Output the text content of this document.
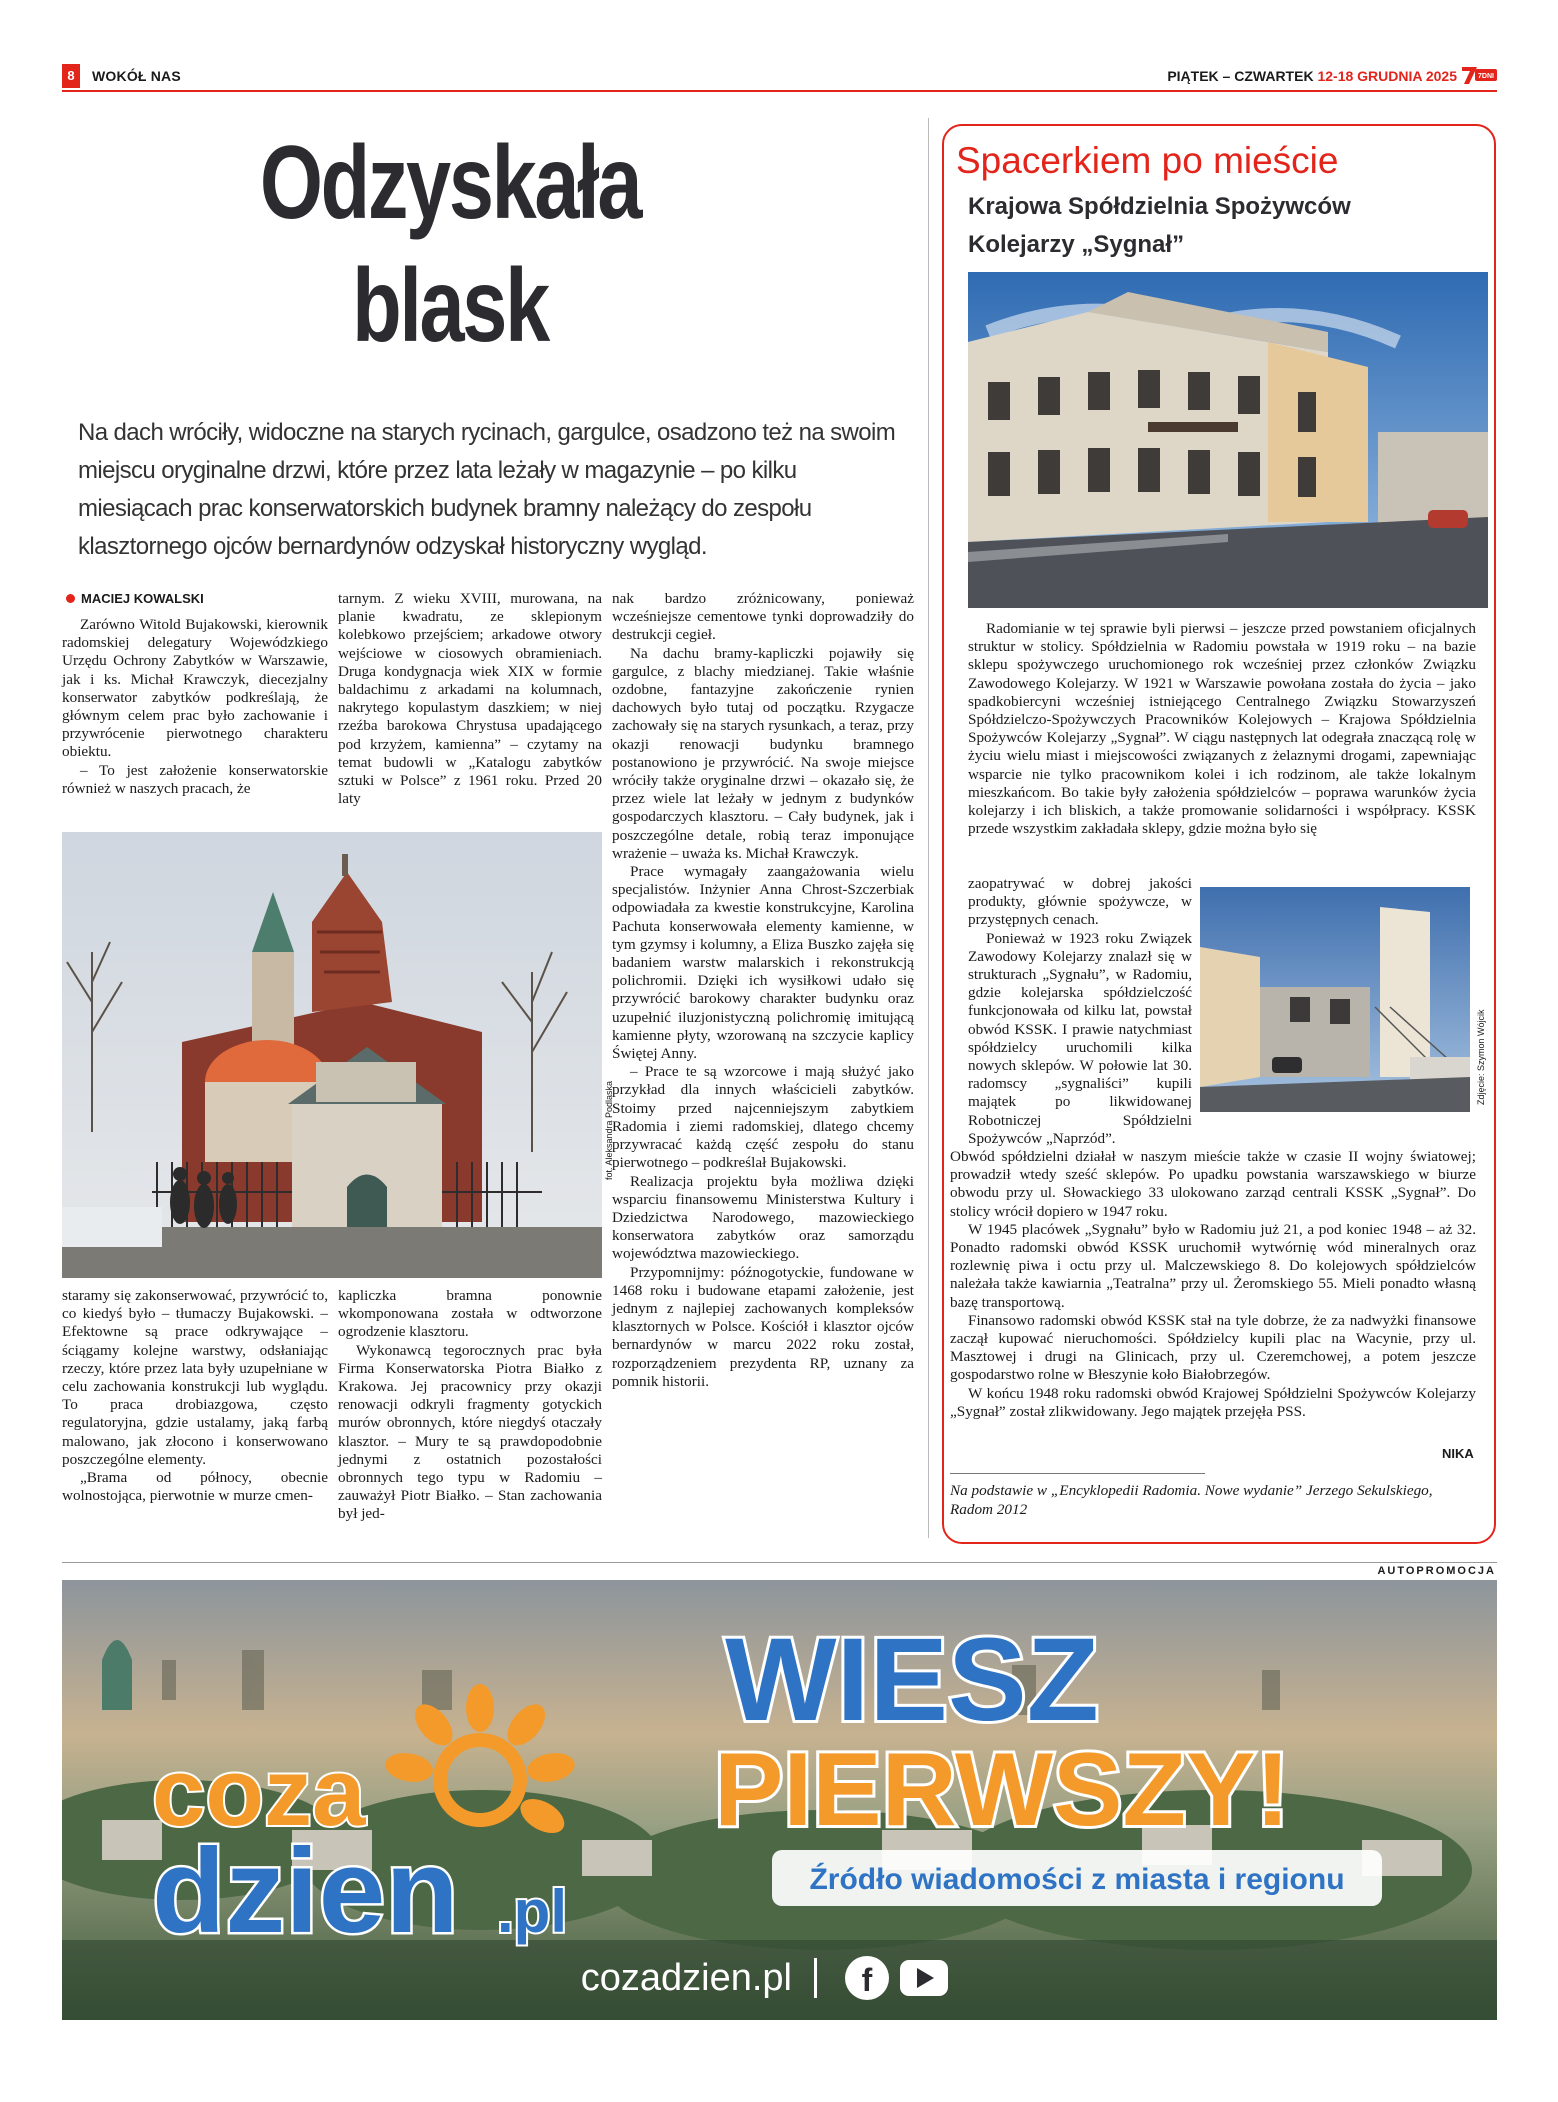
8	WOKÓŁ NAS	PIĄTEK – CZWARTEK 12-18 GRUDNIA 2025	7DNI
Odzyskała
blask
Na dach wróciły, widoczne na starych rycinach, gargulce, osadzono też na swoim miejscu oryginalne drzwi, które przez lata leżały w magazynie – po kilku miesiącach prac konserwatorskich budynek bramny należący do zespołu klasztornego ojców bernardynów odzyskał historyczny wygląd.
MACIEJ KOWALSKI

Zarówno Witold Bujakowski, kierownik radomskiej delegatury Wojewódzkiego Urzędu Ochrony Zabytków w Warszawie, jak i ks. Michał Krawczyk, diecezjalny konserwator zabytków podkreślają, że głównym celem prac było zachowanie i przywrócenie pierwotnego charakteru obiektu.

– To jest założenie konserwatorskie również w naszych pracach, że

tarnym. Z wieku XVIII, murowana, na planie kwadratu, ze sklepionym kolebkowo przejściem; arkadowe otwory wejściowe w ciosowych obramieniach. Druga kondygnacja wiek XIX w formie baldachimu z arkadami na kolumnach, nakrytego kopulastym daszkiem; w niej rzeźba barokowa Chrystusa upadającego pod krzyżem, kamienna” – czytamy na temat budowli w „Katalogu zabytków sztuki w Polsce” z 1961 roku. Przed 20 laty

nak bardzo zróżnicowany, ponieważ wcześniejsze cementowe tynki doprowadziły do destrukcji cegieł.

Na dachu bramy-kapliczki pojawiły się gargulce, z blachy miedzianej. Takie właśnie ozdobne, fantazyjne zakończenie rynien dachowych było tutaj od początku. Rzygacze zachowały się na starych rysunkach, a teraz, przy okazji renowacji budynku bramnego postanowiono je przywrócić. Na swoje miejsce wróciły także oryginalne drzwi – okazało się, że przez wiele lat leżały w jednym z budynków gospodarczych klasztoru. – Cały budynek, jak i poszczególne detale, robią teraz imponujące wrażenie – uważa ks. Michał Krawczyk.

Prace wymagały zaangażowania wielu specjalistów. Inżynier Anna Chrost-Szczerbiak odpowiadała za kwestie konstrukcyjne, Karolina Pachuta konserwowała elementy kamienne, w tym gzymsy i kolumny, a Eliza Buszko zajęła się badaniem warstw malarskich i rekonstrukcją polichromii. Dzięki ich wysiłkowi udało się przywrócić barokowy charakter budynku oraz uzupełnić iluzjonistyczną polichromię imitującą kamienne płyty, wzorowaną na szczycie kaplicy Świętej Anny.

– Prace te są wzorcowe i mają służyć jako przykład dla innych właścicieli zabytków. Stoimy przed najcenniejszym zabytkiem Radomia i ziemi radomskiej, dlatego chcemy przywracać każdą część zespołu do stanu pierwotnego – podkreślał Bujakowski.

Realizacja projektu była możliwa dzięki wsparciu finansowemu Ministerstwa Kultury i Dziedzictwa Narodowego, mazowieckiego konserwatora zabytków oraz samorządu województwa mazowieckiego.

Przypomnijmy: późnogotyckie, fundowane w 1468 roku i budowane etapami założenie, jest jednym z najlepiej zachowanych kompleksów klasztornych w Polsce. Kościół i klasztor ojców bernardynów w marcu 2022 roku został, rozporządzeniem prezydenta RP, uznany za pomnik historii.

fot. Aleksandra Podlaska

staramy się zakonserwować, przywrócić to, co kiedyś było – tłumaczy Bujakowski. – Efektowne są prace odkrywające – ściągamy kolejne warstwy, odsłaniając rzeczy, które przez lata były uzupełniane w celu zachowania konstrukcji lub wyglądu. To praca drobiazgowa, często regulatoryjna, gdzie ustalamy, jaką farbą malowano, jak złocono i konserwowano poszczególne elementy.

„Brama od północy, obecnie wolnostojąca, pierwotnie w murze cmen-

kapliczka bramna ponownie wkomponowana została w odtworzone ogrodzenie klasztoru.

Wykonawcą tegorocznych prac była Firma Konserwatorska Piotra Białko z Krakowa. Jej pracownicy przy okazji renowacji odkryli fragmenty gotyckich murów obronnych, które niegdyś otaczały klasztor. – Mury te są prawdopodobnie jednymi z ostatnich pozostałości obronnych tego typu w Radomiu – zauważył Piotr Białko. – Stan zachowania był jed-

Spacerkiem po mieście
Krajowa Spółdzielnia Spożywców Kolejarzy „Sygnał”

Radomianie w tej sprawie byli pierwsi – jeszcze przed powstaniem oficjalnych struktur w stolicy. Spółdzielnia w Radomiu powstała w 1919 roku – na bazie sklepu spożywczego uruchomionego rok wcześniej przez członków Związku Zawodowego Kolejarzy. W 1921 w Warszawie powołana została do życia – jako spadkobiercyni wcześniej istniejącego Centralnego Związku Stowarzyszeń Spółdzielczo-Spożywczych Pracowników Kolejowych – Krajowa Spółdzielnia Spożywców Kolejarzy „Sygnał”. W ciągu następnych lat odegrała znaczącą rolę w życiu wielu miast i miejscowości związanych z żelaznymi drogami, zapewniając wsparcie nie tylko pracownikom kolei i ich rodzinom, ale także lokalnym mieszkańcom. Bo takie były założenia spółdzielców – poprawa warunków życia kolejarzy i ich bliskich, a także promowanie solidarności i współpracy. KSSK przede wszystkim zakładała sklepy, gdzie można było się

zaopatrywać w dobrej jakości produkty, głównie spożywcze, w przystępnych cenach.

Ponieważ w 1923 roku Związek Zawodowy Kolejarzy znalazł się w strukturach „Sygnału”, w Radomiu, gdzie kolejarska spółdzielczość funkcjonowała od kilku lat, powstał obwód KSSK. I prawie natychmiast spółdzielcy uruchomili kilka nowych sklepów. W połowie lat 30. radomscy „sygnaliści” kupili majątek po likwidowanej Robotniczej Spółdzielni Spożywców „Naprzód”.

Zdjęcie: Szymon Wójcik

Obwód spółdzielni działał w naszym mieście także w czasie II wojny światowej; prowadził wtedy sześć sklepów. Po upadku powstania warszawskiego w biurze obwodu przy ul. Słowackiego 33 ulokowano zarząd centrali KSSK „Sygnał”. Do stolicy wrócił dopiero w 1947 roku.

W 1945 placówek „Sygnału” było w Radomiu już 21, a pod koniec 1948 – aż 32. Ponadto radomski obwód KSSK uruchomił wytwórnię wód mineralnych oraz rozlewnię piwa i octu przy ul. Malczewskiego 8. Do kolejowych spółdzielców należała także kawiarnia „Teatralna” przy ul. Żeromskiego 55. Mieli ponadto własną bazę transportową.

Finansowo radomski obwód KSSK stał na tyle dobrze, że za nadwyżki finansowe zaczął kupować nieruchomości. Spółdzielcy kupili plac na Wacynie, przy ul. Masztowej i drugi na Glinicach, przy ul. Czeremchowej, a potem jeszcze gospodarstwo rolne w Błeszynie koło Białobrzegów.

W końcu 1948 roku radomski obwód Krajowej Spółdzielni Spożywców Kolejarzy „Sygnał” został zlikwidowany. Jego majątek przejęła PSS.

NIKA
Na podstawie w „Encyklopedii Radomia. Nowe wydanie” Jerzego Sekulskiego, Radom 2012
AUTOPROMOCJA
coza
dzien .pl
WIESZ
PIERWSZY!
Źródło wiadomości z miasta i regionu
cozadzien.pl f
